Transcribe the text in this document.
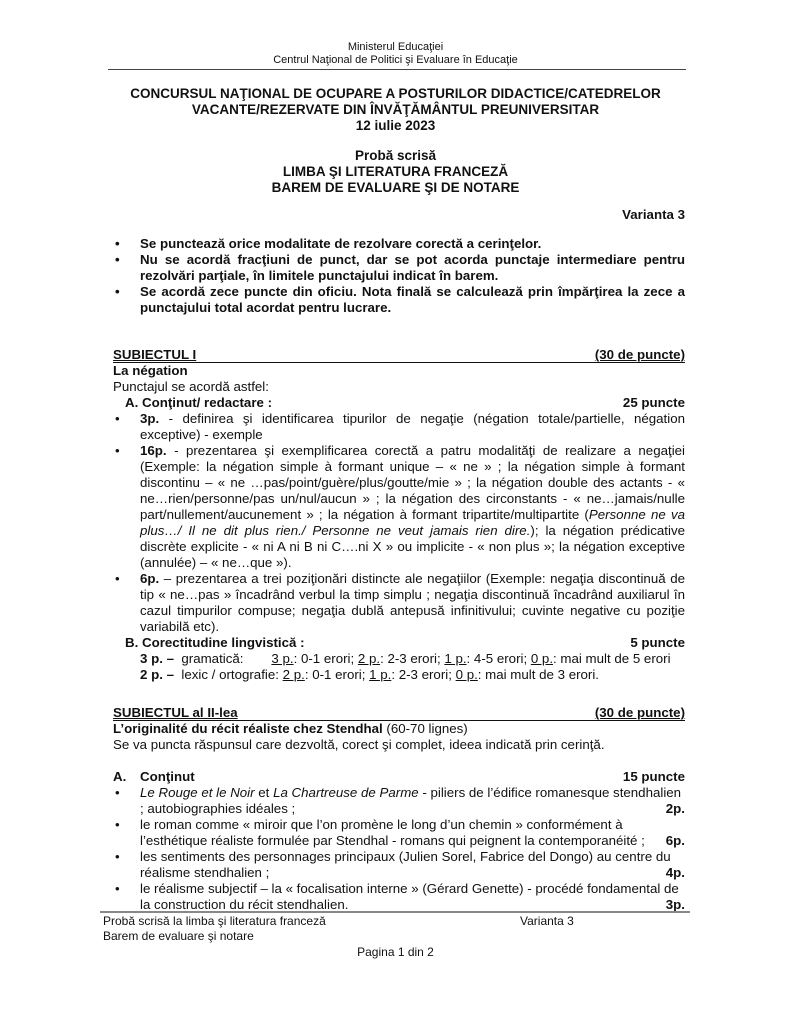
Ministerul Educaţiei
Centrul Naţional de Politici şi Evaluare în Educaţie
CONCURSUL NAŢIONAL DE OCUPARE A POSTURILOR DIDACTICE/CATEDRELOR
VACANTE/REZERVATE DIN ÎNVĂŢĂMÂNTUL PREUNIVERSITAR
12 iulie 2023
Probă scrisă
LIMBA ŞI LITERATURA FRANCEZĂ
BAREM DE EVALUARE ŞI DE NOTARE
Varianta 3
• Se punctează orice modalitate de rezolvare corectă a cerinţelor.
• Nu se acordă fracţiuni de punct, dar se pot acorda punctaje intermediare pentru rezolvări parţiale, în limitele punctajului indicat în barem.
• Se acordă zece puncte din oficiu. Nota finală se calculează prin împărţirea la zece a punctajului total acordat pentru lucrare.
SUBIECTUL I	(30 de puncte)
La négation
Punctajul se acordă astfel:
A. Conţinut/ redactare :	25 puncte
• 3p. - definirea şi identificarea tipurilor de negaţie (négation totale/partielle, négation exceptive) - exemple
• 16p. - prezentarea şi exemplificarea corectă a patru modalităţi de realizare a negaţiei (Exemple: la négation simple à formant unique – « ne » ; la négation simple à formant discontinu – « ne …pas/point/guère/plus/goutte/mie » ; la négation double des actants - « ne…rien/personne/pas un/nul/aucun » ; la négation des circonstants - « ne…jamais/nulle part/nullement/aucunement » ; la négation à formant tripartite/multipartite (Personne ne va plus…/ Il ne dit plus rien./ Personne ne veut jamais rien dire.); la négation prédicative discrète explicite - « ni A ni B ni C….ni X » ou implicite - « non plus »; la négation exceptive (annulée) – « ne…que »).
• 6p. – prezentarea a trei poziţionări distincte ale negaţiilor (Exemple: negaţia discontinuă de tip « ne…pas » încadrând verbul la timp simplu ; negaţia discontinuă încadrând auxiliarul în cazul timpurilor compuse; negaţia dublă antepusă infinitivului; cuvinte negative cu poziţie variabilă etc).
B. Corectitudine lingvistică :	5 puncte
3 p. – gramatică: 3 p.: 0-1 erori; 2 p.: 2-3 erori; 1 p.: 4-5 erori; 0 p.: mai mult de 5 erori
2 p. – lexic / ortografie: 2 p.: 0-1 erori; 1 p.: 2-3 erori; 0 p.: mai mult de 3 erori.
SUBIECTUL al II-lea	(30 de puncte)
L’originalité du récit réaliste chez Stendhal (60-70 lignes)
Se va puncta răspunsul care dezvoltă, corect şi complet, ideea indicată prin cerinţă.
A. Conţinut	15 puncte
• Le Rouge et le Noir et La Chartreuse de Parme - piliers de l’édifice romanesque stendhalien ; autobiographies idéales ;	2p.
• le roman comme « miroir que l’on promène le long d’un chemin » conformément à l’esthétique réaliste formulée par Stendhal - romans qui peignent la contemporanéité ; 6p.
• les sentiments des personnages principaux (Julien Sorel, Fabrice del Dongo) au centre du réalisme stendhalien ;	4p.
• le réalisme subjectif – la « focalisation interne » (Gérard Genette) - procédé fondamental de la construction du récit stendhalien.	3p.
Probă scrisă la limba şi literatura franceză
Barem de evaluare şi notare
Varianta 3
Pagina 1 din 2
